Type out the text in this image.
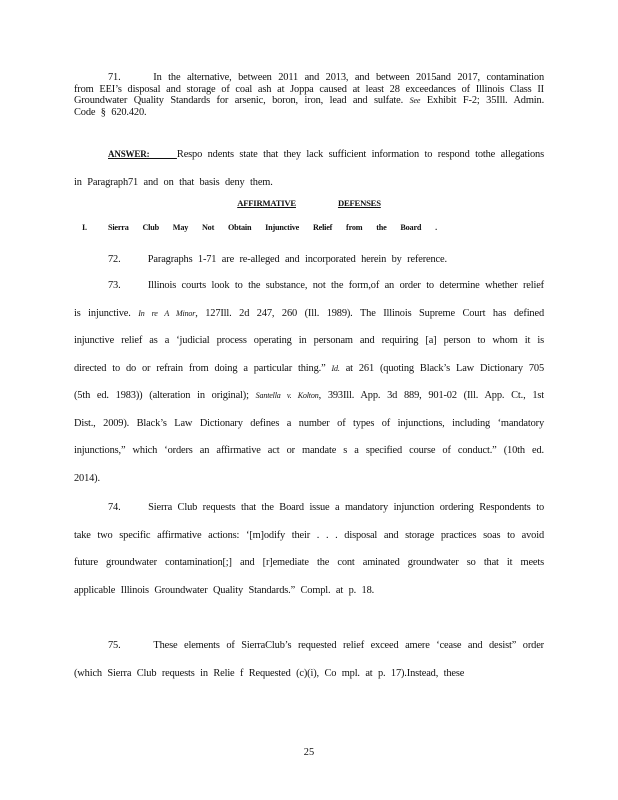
71.	In the alternative, between 2011 and 2013, and between 2015and 2017, contamination from EEI’s disposal and storage of coal ash at Joppa caused at least 28 exceedances of Illinois Class II Groundwater Quality Standards for arsenic, boron, iron, lead and sulfate. See Exhibit F-2; 35Ill. Admin. Code § 620.420.
ANSWER:	Respo ndents state that they lack sufficient information to respond tothe allegations in Paragraph71 and on that basis deny them.
AFFIRMATIVE	DEFENSES
I.	Sierra Club May Not Obtain Injunctive Relief from the Board .
72.	Paragraphs 1-71 are re-alleged and incorporated herein by reference.
73.	Illinois courts look to the substance, not the form,of an order to determine whether relief is injunctive. In re A Minor, 127Ill. 2d 247, 260 (Ill. 1989). The Illinois Supreme Court has defined injunctive relief as a ‘judicial process operating in personam and requiring [a] person to whom it is directed to do or refrain from doing a particular thing.” Id. at 261 (quoting Black’s Law Dictionary 705 (5th ed. 1983)) (alteration in original); Santella v. Kolton, 393Ill. App. 3d 889, 901-02 (Ill. App. Ct., 1st Dist., 2009). Black’s Law Dictionary defines a number of types of injunctions, including ‘mandatory injunctions,” which ‘orders an affirmative act or mandate s a specified course of conduct.” (10th ed. 2014).
74.	Sierra Club requests that the Board issue a mandatory injunction ordering Respondents to take two specific affirmative actions: ‘[m]odify their . . . disposal and storage practices soas to avoid future groundwater contamination[;] and [r]emediate the cont aminated groundwater so that it meets applicable Illinois Groundwater Quality Standards.” Compl. at p. 18.
75.	These elements of SierraClub’s requested relief exceed amere ‘cease and desist” order (which Sierra Club requests in Relie f Requested (c)(i), Co mpl. at p. 17).Instead, these
25
